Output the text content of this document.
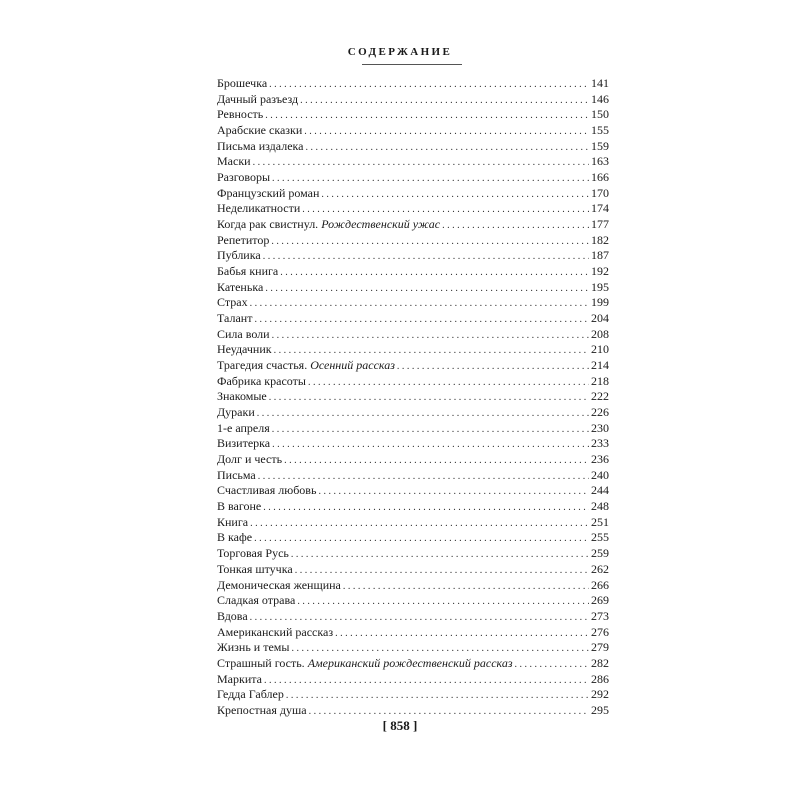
СОДЕРЖАНИЕ
Брошечка . . .	141
Дачный разъезд . . .	146
Ревность . . .	150
Арабские сказки . . .	155
Письма издалека . . .	159
Маски . . .	163
Разговоры . . .	166
Французский роман . . .	170
Неделикатности . . .	174
Когда рак свистнул. Рождественский ужас . . .	177
Репетитор . . .	182
Публика . . .	187
Бабья книга . . .	192
Катенька . . .	195
Страх . . .	199
Талант . . .	204
Сила воли . . .	208
Неудачник . . .	210
Трагедия счастья. Осенний рассказ . . .	214
Фабрика красоты . . .	218
Знакомые . . .	222
Дураки . . .	226
1-е апреля . . .	230
Визитерка . . .	233
Долг и честь . . .	236
Письма . . .	240
Счастливая любовь . . .	244
В вагоне . . .	248
Книга . . .	251
В кафе . . .	255
Торговая Русь . . .	259
Тонкая штучка . . .	262
Демоническая женщина . . .	266
Сладкая отрава . . .	269
Вдова . . .	273
Американский рассказ . . .	276
Жизнь и темы . . .	279
Страшный гость. Американский рождественский рассказ . . .	282
Маркита . . .	286
Гедда Габлер . . .	292
Крепостная душа . . .	295
[ 858 ]
